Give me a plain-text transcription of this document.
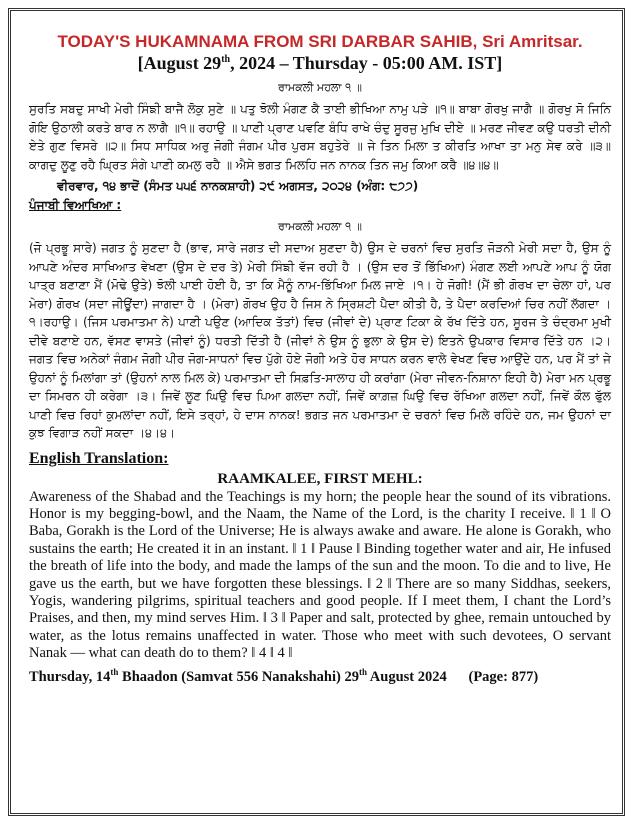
TODAY'S HUKAMNAMA FROM SRI DARBAR SAHIB, Sri Amritsar.

[August 29th, 2024 – Thursday - 05:00 AM. IST]

ਰਾਮਕਲੀ ਮਹਲਾ ੧ ॥

ਸੁਰਤਿ ਸਬਦੁ ਸਾਖੀ ਮੇਰੀ ਸਿੰਙੀ ਬਾਜੈ ਲੋਕੁ ਸੁਣੇ ॥ ਪਤੁ ਝੋਲੀ ਮੰਗਣ ਕੈ ਤਾਈ ਭੀਖਿਆ ਨਾਮੁ ਪੜੇ ॥੧॥ ਬਾਬਾ ਗੋਰਖੁ ਜਾਗੈ ॥ ਗੋਰਖੁ ਸੋ ਜਿਨਿ ਗੋਇ ਉਠਾਲੀ ਕਰਤੇ ਬਾਰ ਨ ਲਾਗੈ ॥੧॥ ਰਹਾਉ ॥ ਪਾਣੀ ਪ੍ਰਾਣ ਪਵਣਿ ਬੰਧਿ ਰਾਖੇ ਚੰਦੁ ਸੂਰਜੁ ਮੁਖਿ ਦੀਏ ॥ ਮਰਣ ਜੀਵਣ ਕਉ ਧਰਤੀ ਦੀਨੀ ਏਤੇ ਗੁਣ ਵਿਸਰੇ ॥੨॥ ਸਿਧ ਸਾਧਿਕ ਅਰੁ ਜੋਗੀ ਜੰਗਮ ਪੀਰ ਪੁਰਸ ਬਹੁਤੇਰੇ ॥ ਜੇ ਤਿਨ ਮਿਲਾ ਤ ਕੀਰਤਿ ਆਖਾ ਤਾ ਮਨੁ ਸੇਵ ਕਰੇ ॥੩॥ ਕਾਗਦੁ ਲੂਣੁ ਰਹੈ ਘ੍ਰਿਤ ਸੰਗੇ ਪਾਣੀ ਕਮਲੁ ਰਹੈ ॥ ਐਸੇ ਭਗਤ ਮਿਲਹਿ ਜਨ ਨਾਨਕ ਤਿਨ ਜਮੁ ਕਿਆ ਕਰੈ ॥੪॥੪॥

ਵੀਰਵਾਰ, ੧੪ ਭਾਦੋਂ (ਸੰਮਤ ੫੫੬ ਨਾਨਕਸ਼ਾਹੀ) ੨੯ ਅਗਸਤ, ੨੦੨੪ (ਅੰਗ: ੮੭੭)

ਪੰਜਾਬੀ ਵਿਆਖਿਆ :

ਰਾਮਕਲੀ ਮਹਲਾ ੧ ॥

(ਜੋ ਪ੍ਰਭੂ ਸਾਰੇ) ਜਗਤ ਨੂੰ ਸੁਣਦਾ ਹੈ (ਭਾਵ, ਸਾਰੇ ਜਗਤ ਦੀ ਸਦਾਅ ਸੁਣਦਾ ਹੈ) ਉਸ ਦੇ ਚਰਨਾਂ ਵਿਚ ਸੁਰਤਿ ਜੋੜਨੀ ਮੇਰੀ ਸਦਾ ਹੈ, ਉਸ ਨੂੰ ਆਪਣੇ ਅੰਦਰ ਸਾਖਿਆਤ ਵੇਖਣਾ (ਉਸ ਦੇ ਦਰ ਤੇ) ਮੇਰੀ ਸਿੰਙੀ ਵੱਜ ਰਹੀ ਹੈ । (ਉਸ ਦਰ ਤੋਂ ਭਿੱਖਿਆ) ਮੰਗਣ ਲਈ ਆਪਣੇ ਆਪ ਨੂੰ ਯੋਗ ਪਾਤ੍ਰ ਬਣਾਣਾ ਮੈਂ (ਮੋਢੇ ਉਤੇ) ਝੋਲੀ ਪਾਈ ਹੋਈ ਹੈ, ਤਾ ਕਿ ਮੈਨੂੰ ਨਾਮ-ਭਿੱਖਿਆ ਮਿਲ ਜਾਏ ।੧। ਹੇ ਜੋਗੀ! (ਮੈਂ ਭੀ ਗੋਰਖ ਦਾ ਚੇਲਾ ਹਾਂ, ਪਰ ਮੇਰਾ) ਗੋਰਖ (ਸਦਾ ਜੀਊਂਦਾ) ਜਾਗਦਾ ਹੈ । (ਮੇਰਾ) ਗੋਰਖ ਉਹ ਹੈ ਜਿਸ ਨੇ ਸ੍ਰਿਸ਼ਟੀ ਪੈਦਾ ਕੀਤੀ ਹੈ, ਤੇ ਪੈਦਾ ਕਰਦਿਆਂ ਚਿਰ ਨਹੀਂ ਲੱਗਦਾ ।੧।ਰਹਾਉ। (ਜਿਸ ਪਰਮਾਤਮਾ ਨੇ) ਪਾਣੀ ਪਉਣ (ਆਦਿਕ ਤੱਤਾਂ) ਵਿਚ (ਜੀਵਾਂ ਦੇ) ਪ੍ਰਾਣ ਟਿਕਾ ਕੇ ਰੱਖ ਦਿੱਤੇ ਹਨ, ਸੂਰਜ ਤੇ ਚੰਦ੍ਰਮਾ ਮੁਖੀ ਦੀਵੇ ਬਣਾਏ ਹਨ, ਵੱਸਣ ਵਾਸਤੇ (ਜੀਵਾਂ ਨੂੰ) ਧਰਤੀ ਦਿੱਤੀ ਹੈ (ਜੀਵਾਂ ਨੇ ਉਸ ਨੂੰ ਭੁਲਾ ਕੇ ਉਸ ਦੇ) ਇਤਨੇ ਉਪਕਾਰ ਵਿਸਾਰ ਦਿੱਤੇ ਹਨ ।੨। ਜਗਤ ਵਿਚ ਅਨੇਕਾਂ ਜੰਗਮ ਜੋਗੀ ਪੀਰ ਜੋਗ-ਸਾਧਨਾਂ ਵਿਚ ਪੁੱਗੇ ਹੋਏ ਜੋਗੀ ਅਤੇ ਹੋਰ ਸਾਧਨ ਕਰਨ ਵਾਲੇ ਵੇਖਣ ਵਿਚ ਆਉਂਦੇ ਹਨ, ਪਰ ਮੈਂ ਤਾਂ ਜੇ ਉਹਨਾਂ ਨੂੰ ਮਿਲਾਂਗਾ ਤਾਂ (ਉਹਨਾਂ ਨਾਲ ਮਿਲ ਕੇ) ਪਰਮਾਤਮਾ ਦੀ ਸਿਫ਼ਤਿ-ਸਾਲਾਹ ਹੀ ਕਰਾਂਗਾ (ਮੇਰਾ ਜੀਵਨ-ਨਿਸ਼ਾਨਾ ਇਹੀ ਹੈ) ਮੇਰਾ ਮਨ ਪ੍ਰਭੂ ਦਾ ਸਿਮਰਨ ਹੀ ਕਰੇਗਾ ।੩। ਜਿਵੇਂ ਲੂਣ ਘਿਉ ਵਿਚ ਪਿਆ ਗਲਦਾ ਨਹੀਂ, ਜਿਵੇਂ ਕਾਗ਼ਜ਼ ਘਿਉ ਵਿਚ ਰੱਖਿਆ ਗਲਦਾ ਨਹੀਂ, ਜਿਵੇਂ ਕੌਲ ਫੁੱਲ ਪਾਣੀ ਵਿਚ ਰਿਹਾਂ ਕੁਮਲਾਂਦਾ ਨਹੀਂ, ਇਸੇ ਤਰ੍ਹਾਂ, ਹੇ ਦਾਸ ਨਾਨਕ! ਭਗਤ ਜਨ ਪਰਮਾਤਮਾ ਦੇ ਚਰਨਾਂ ਵਿਚ ਮਿਲੇ ਰਹਿੰਦੇ ਹਨ, ਜਮ ਉਹਨਾਂ ਦਾ ਕੁਝ ਵਿਗਾੜ ਨਹੀਂ ਸਕਦਾ ।੪।੪।

English Translation:

RAAMKALEE, FIRST MEHL:

Awareness of the Shabad and the Teachings is my horn; the people hear the sound of its vibrations. Honor is my begging-bowl, and the Naam, the Name of the Lord, is the charity I receive. ‖ 1 ‖ O Baba, Gorakh is the Lord of the Universe; He is always awake and aware. He alone is Gorakh, who sustains the earth; He created it in an instant. ‖ 1 ‖ Pause ‖ Binding together water and air, He infused the breath of life into the body, and made the lamps of the sun and the moon. To die and to live, He gave us the earth, but we have forgotten these blessings. ‖ 2 ‖ There are so many Siddhas, seekers, Yogis, wandering pilgrims, spiritual teachers and good people. If I meet them, I chant the Lord’s Praises, and then, my mind serves Him. ‖ 3 ‖ Paper and salt, protected by ghee, remain untouched by water, as the lotus remains unaffected in water. Those who meet with such devotees, O servant Nanak — what can death do to them? ‖ 4 ‖ 4 ‖

Thursday, 14th Bhaadon (Samvat 556 Nanakshahi) 29th August 2024      (Page: 877)
